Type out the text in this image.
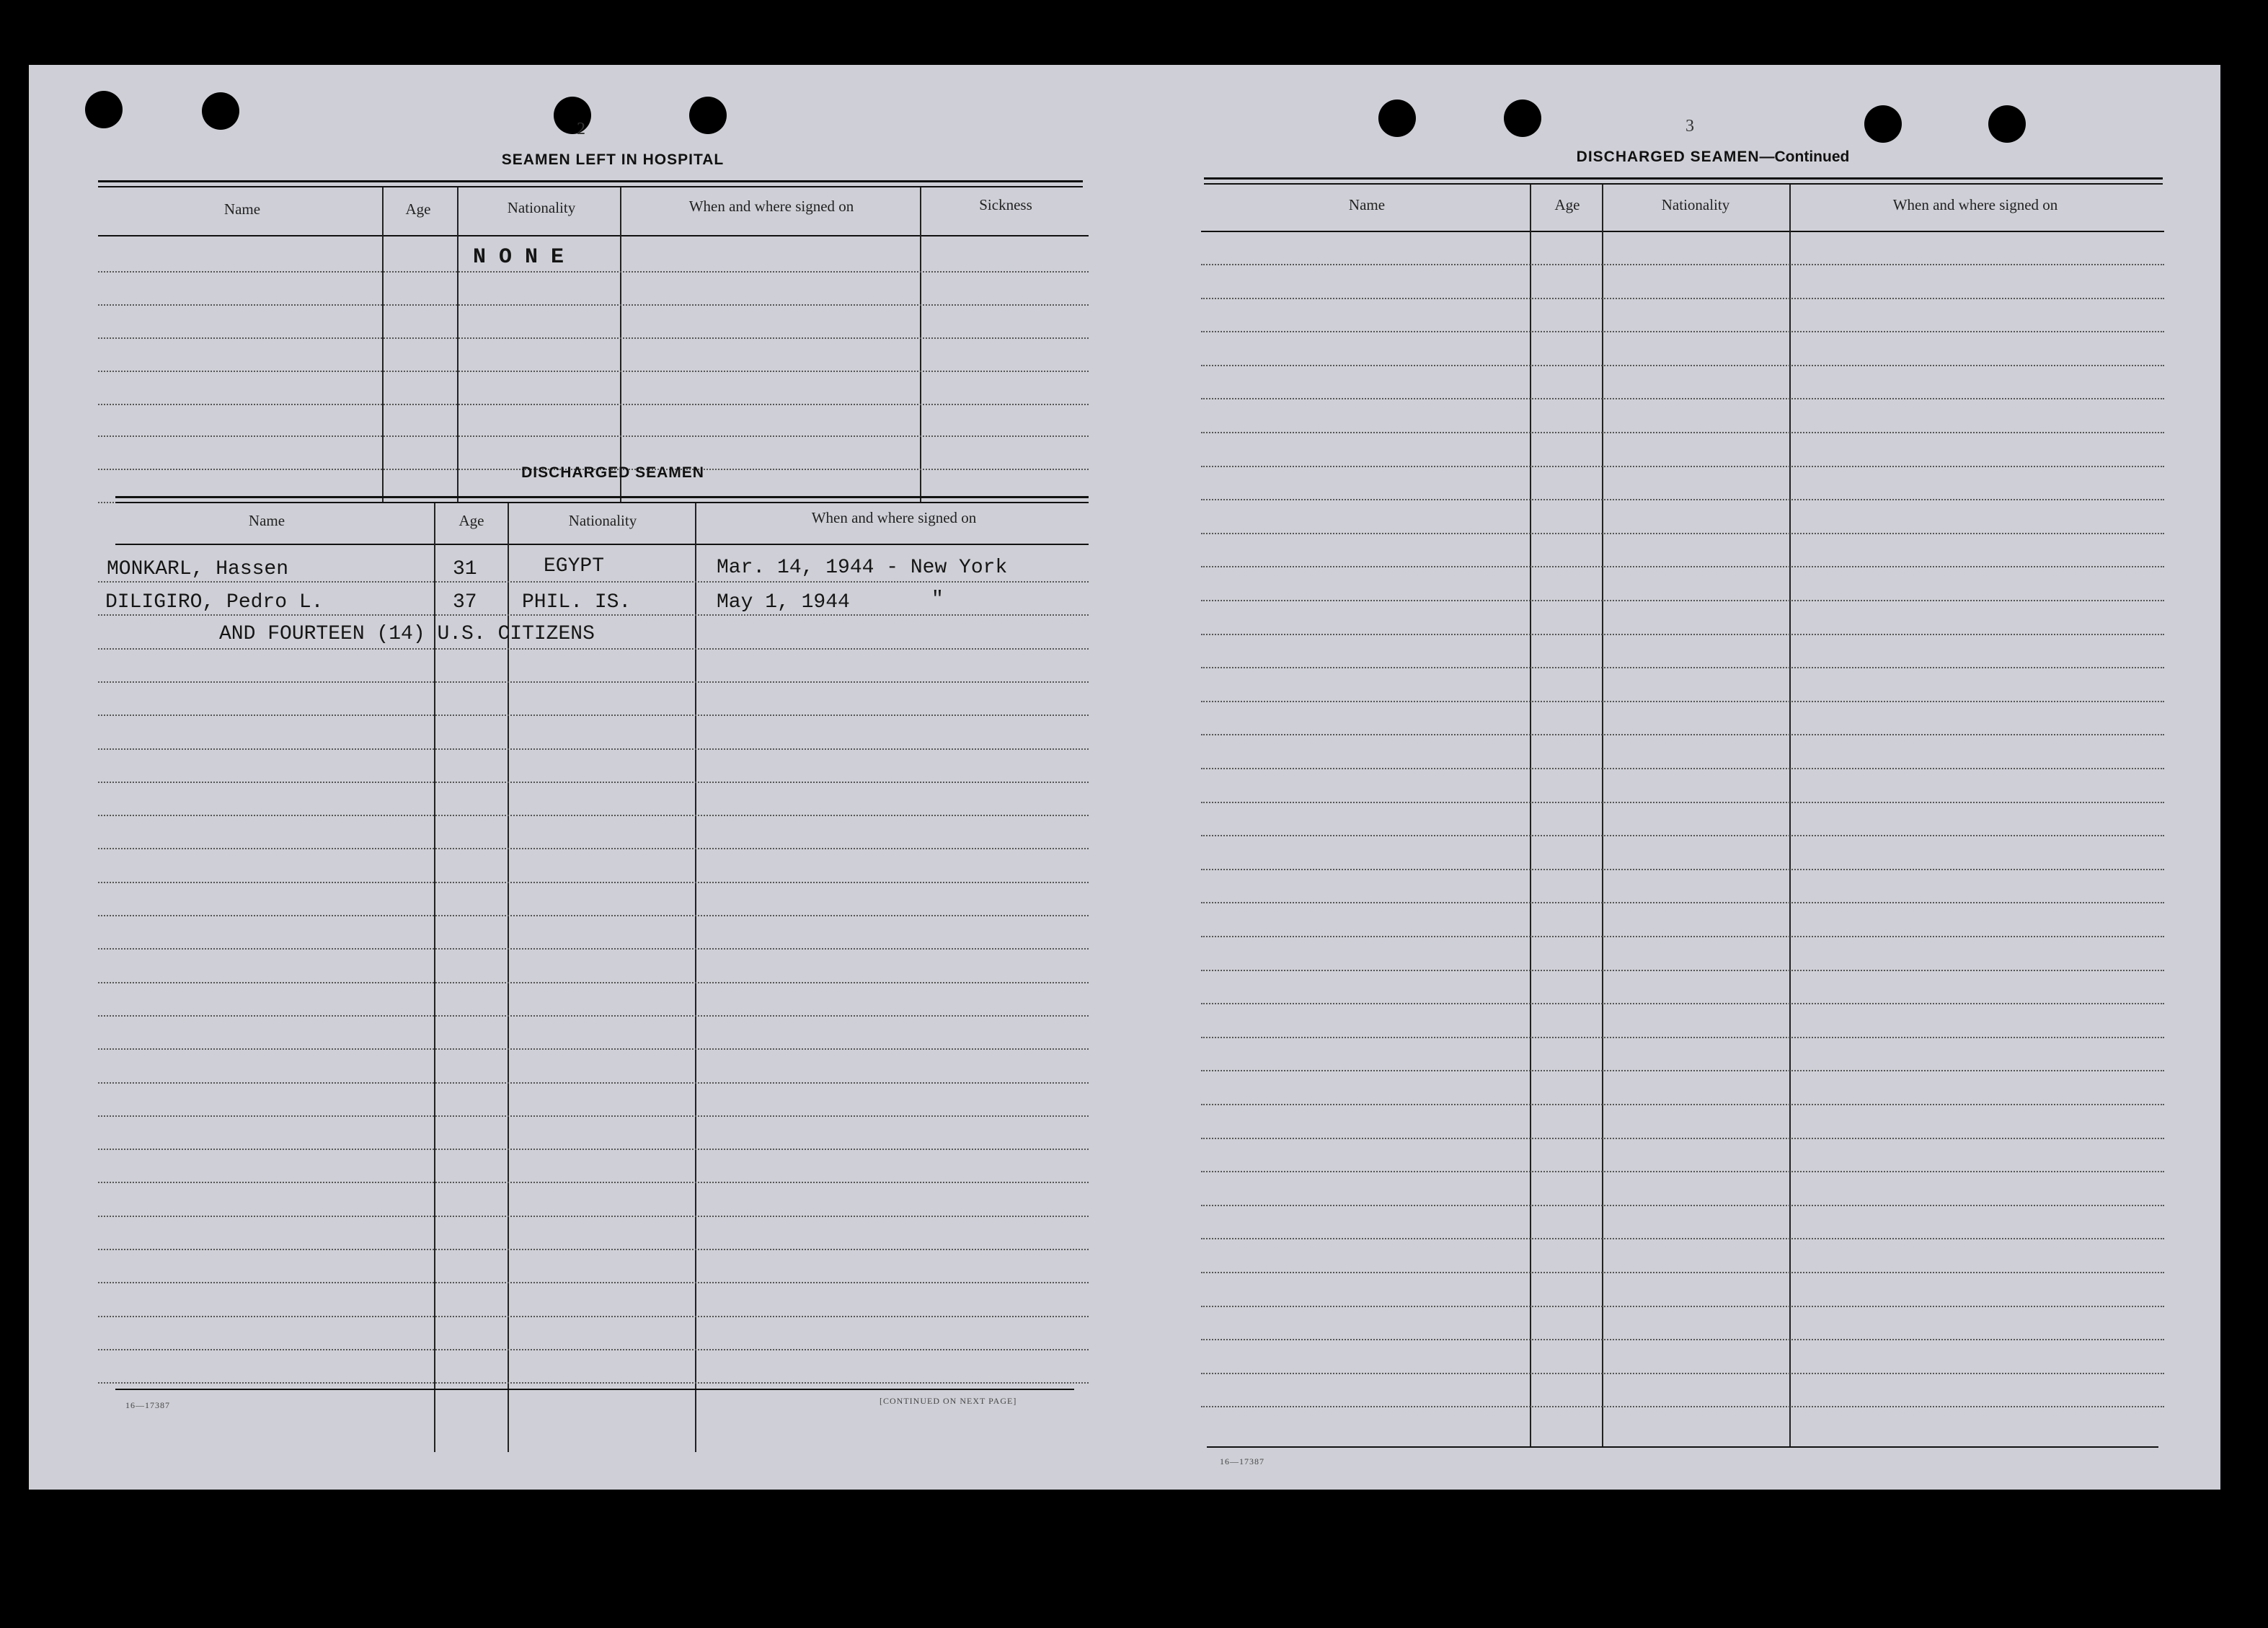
2
SEAMEN LEFT IN HOSPITAL
Name	Age	Nationality	When and where signed on	Sickness
N O N E
DISCHARGED SEAMEN
Name	Age	Nationality	When and where signed on
MONKARL, Hassen	31	EGYPT	Mar. 14, 1944 - New York
DILIGIRO, Pedro L.	37 PHIL. IS.	May 1, 1944	"
AND FOURTEEN (14) U.S. CITIZENS
16—17387	[CONTINUED ON NEXT PAGE]
3
DISCHARGED SEAMEN—Continued
Name	Age	Nationality	When and where signed on
16—17387
